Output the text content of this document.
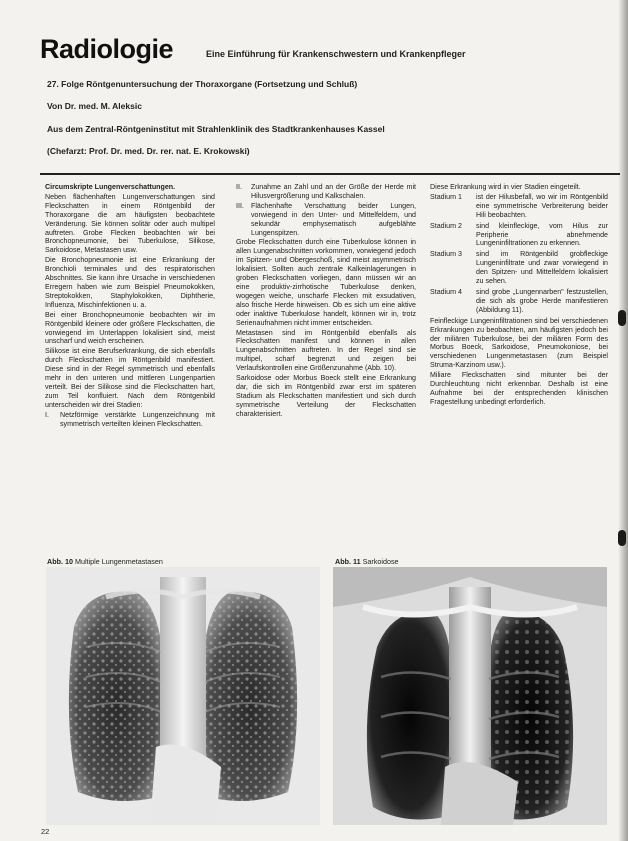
Radiologie	Eine Einführung für Krankenschwestern und Krankenpfleger
27. Folge Röntgenuntersuchung der Thoraxorgane (Fortsetzung und Schluß)
Von Dr. med. M. Aleksic
Aus dem Zentral-Röntgeninstitut mit Strahlenklinik des Stadtkrankenhauses Kassel
(Chefarzt: Prof. Dr. med. Dr. rer. nat. E. Krokowski)

Circumskripte Lungenverschattungen.

Neben flächenhaften Lungenverschattungen sind Fleckschatten in einem Röntgenbild der Thoraxorgane die am häufigsten beobachtete Veränderung. Sie können solitär oder auch multipel auftreten. Grobe Flecken beobachten wir bei Bronchopneumonie, bei Tuberkulose, Silikose, Sarkoidose, Metastasen usw.

Die Bronchopneumonie ist eine Erkrankung der Bronchioli terminales und des respiratorischen Abschnittes. Sie kann ihre Ursache in verschiedenen Erregern haben wie zum Beispiel Pneumokokken, Streptokokken, Staphylokokken, Diphtherie, Influenza, Mischinfektionen u. a.

Bei einer Bronchopneumonie beobachten wir im Röntgenbild kleinere oder größere Fleckschatten, die vorwiegend im Unterlappen lokalisiert sind, meist unscharf und weich erscheinen.

Silikose ist eine Berufserkrankung, die sich ebenfalls durch Fleckschatten im Röntgenbild manifestiert. Diese sind in der Regel symmetrisch und ebenfalls mehr in den unteren und mittleren Lungenpartien verteilt. Bei der Silikose sind die Fleckschatten hart, zum Teil konfluiert. Nach dem Röntgenbild unterscheiden wir drei Stadien:

I.	Netzförmige verstärkte Lungenzeichnung mit symmetrisch verteilten kleinen Fleckschatten.
II.	Zunahme an Zahl und an der Größe der Herde mit Hilusvergrößerung und Kalkschalen.
III.	Flächenhafte Verschattung beider Lungen, vorwiegend in den Unter- und Mittelfeldern, und sekundär emphysematisch aufgeblähte Lungenspitzen.

Grobe Fleckschatten durch eine Tuberkulose können in allen Lungenabschnitten vorkommen, vorwiegend jedoch im Spitzen- und Obergeschoß, sind meist asymmetrisch lokalisiert. Sollten auch zentrale Kalkeinlagerungen in groben Fleckschatten vorliegen, dann müssen wir an eine produktiv-zirrhotische Tuberkulose denken, wogegen weiche, unscharfe Flecken mit exsudativen, also frische Herde hinweisen. Ob es sich um eine aktive oder inaktive Tuberkulose handelt, können wir in, trotz Serienaufnahmen nicht immer entscheiden.

Metastasen sind im Röntgenbild ebenfalls als Fleckschatten manifest und können in allen Lungenabschnitten auftreten. In der Regel sind sie multipel, scharf begrenzt und zeigen bei Verlaufskontrollen eine Größenzunahme (Abb. 10).

Sarkoidose oder Morbus Boeck stellt eine Erkrankung dar, die sich im Röntgenbild zwar erst im späteren Stadium als Fleckschatten manifestiert und sich durch symmetrische Verteilung der Fleckschatten charakterisiert.

Diese Erkrankung wird in vier Stadien eingeteilt.

Stadium 1	ist der Hilusbefall, wo wir im Röntgenbild eine symmetrische Verbreiterung beider Hili beobachten.
Stadium 2	sind kleinfleckige, vom Hilus zur Peripherie abnehmende Lungeninfiltrationen zu erkennen.
Stadium 3	sind im Röntgenbild grobfleckige Lungeninfiltrate und zwar vorwiegend in den Spitzen- und Mittelfeldern lokalisiert zu sehen.
Stadium 4	sind grobe „Lungennarben" festzustellen, die sich als grobe Herde manifestieren (Abbildung 11).

Feinfleckige Lungeninfiltrationen sind bei verschiedenen Erkrankungen zu beobachten, am häufigsten jedoch bei der miliären Tuberkulose, bei der miliären Form des Morbus Boeck, Sarkoidose, Pneumokoniose, bei verschiedenen Lungenmetastasen (zum Beispiel Struma-Karzinom usw.).

Miliare Fleckschatten sind mitunter bei der Durchleuchtung nicht erkennbar. Deshalb ist eine Aufnahme bei der entsprechenden klinischen Fragestellung unbedingt erforderlich.

Abb. 10 Multiple Lungenmetastasen	Abb. 11 Sarkoidose
22
